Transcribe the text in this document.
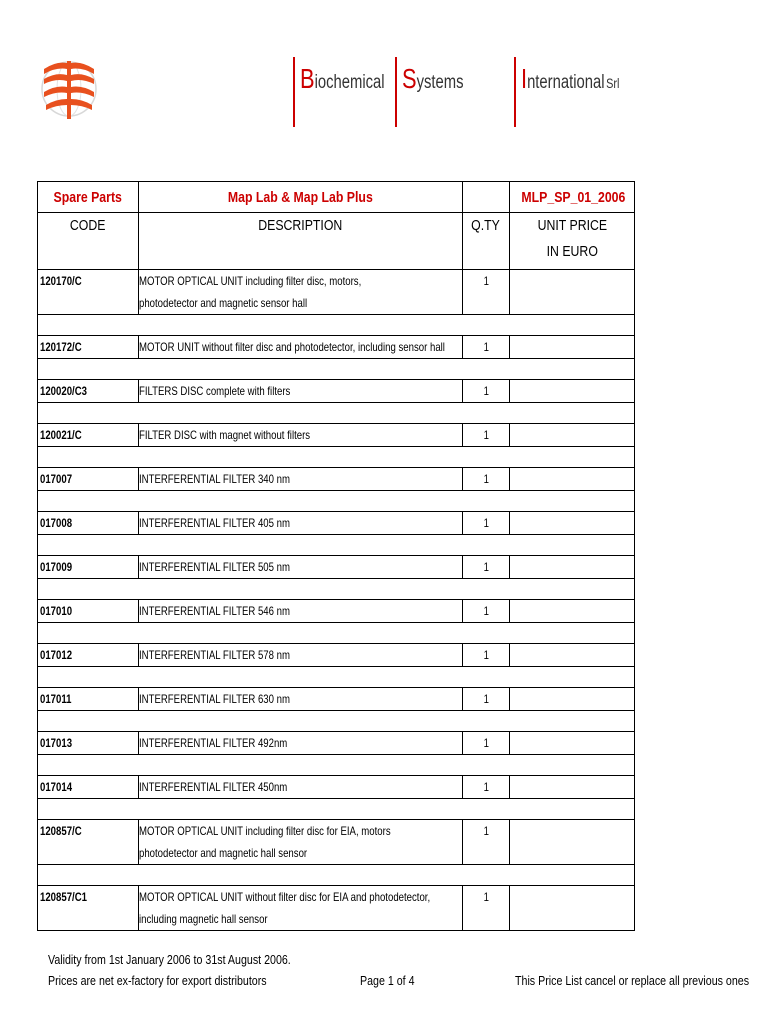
Biochemical Systems International Srl
Spare Parts	Map Lab & Map Lab Plus		MLP_SP_01_2006
CODE	DESCRIPTION	Q.TY	UNIT PRICE
IN EURO
120170/C	MOTOR OPTICAL UNIT including filter disc, motors,
photodetector and magnetic sensor hall	1	

120172/C	MOTOR UNIT without filter disc and photodetector, including sensor hall	1	

120020/C3	FILTERS DISC complete with filters	1	

120021/C	FILTER DISC with magnet without filters	1	

017007	INTERFERENTIAL FILTER 340 nm	1	

017008	INTERFERENTIAL FILTER 405 nm	1	

017009	INTERFERENTIAL FILTER 505 nm	1	

017010	INTERFERENTIAL FILTER 546 nm	1	

017012	INTERFERENTIAL FILTER 578 nm	1	

017011	INTERFERENTIAL FILTER 630 nm	1	

017013	INTERFERENTIAL FILTER 492nm	1	

017014	INTERFERENTIAL FILTER 450nm	1	

120857/C	MOTOR OPTICAL UNIT including filter disc for EIA, motors
photodetector and magnetic hall sensor	1	

120857/C1	MOTOR OPTICAL UNIT without filter disc for EIA and photodetector,
including magnetic hall sensor	1	
Validity from 1st January 2006 to 31st August 2006.
Prices are net ex-factory for export distributors	Page 1 of 4	This Price List cancel or replace all previous ones
